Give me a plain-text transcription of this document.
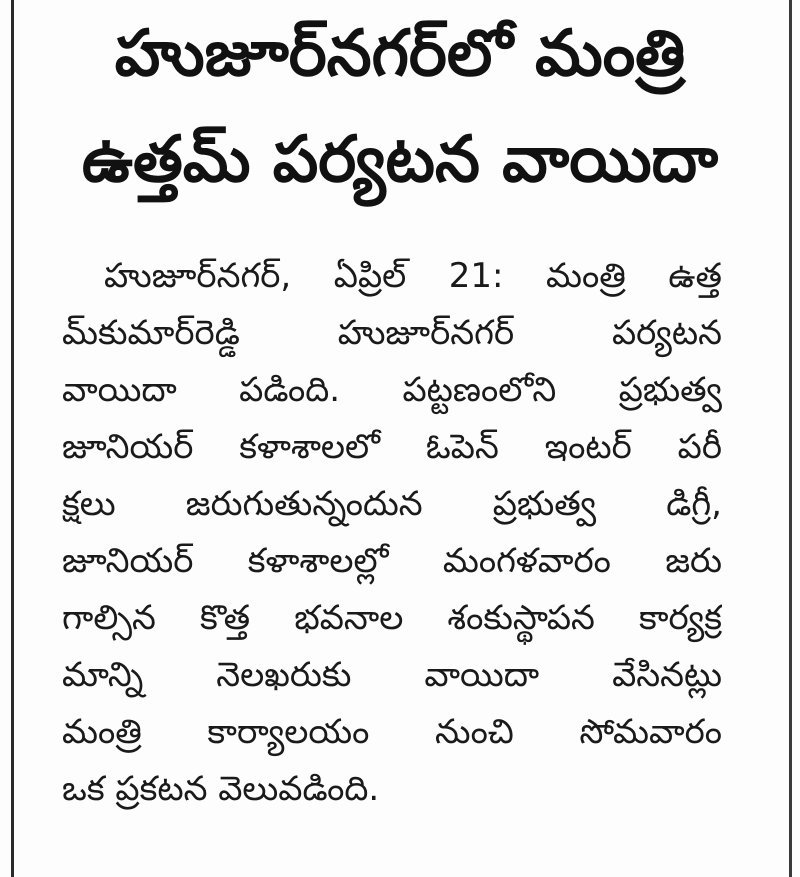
హుజూర్‌నగర్‌లో మంత్రి
ఉత్తమ్ పర్యటన వాయిదా
హుజూర్‌నగర్, ఏప్రిల్ 21: మంత్రి ఉత్త
మ్‌కుమార్‌రెడ్డి హుజూర్‌నగర్ పర్యటన
వాయిదా పడింది. పట్టణంలోని ప్రభుత్వ
జూనియర్ కళాశాలలో ఓపెన్ ఇంటర్ పరీ
క్షలు జరుగుతున్నందున ప్రభుత్వ డిగ్రీ,
జూనియర్ కళాశాలల్లో మంగళవారం జరు
గాల్సిన కొత్త భవనాల శంకుస్థాపన కార్యక్ర
మాన్ని నెలఖరుకు వాయిదా వేసినట్లు
మంత్రి కార్యాలయం నుంచి సోమవారం
ఒక ప్రకటన వెలువడింది.
